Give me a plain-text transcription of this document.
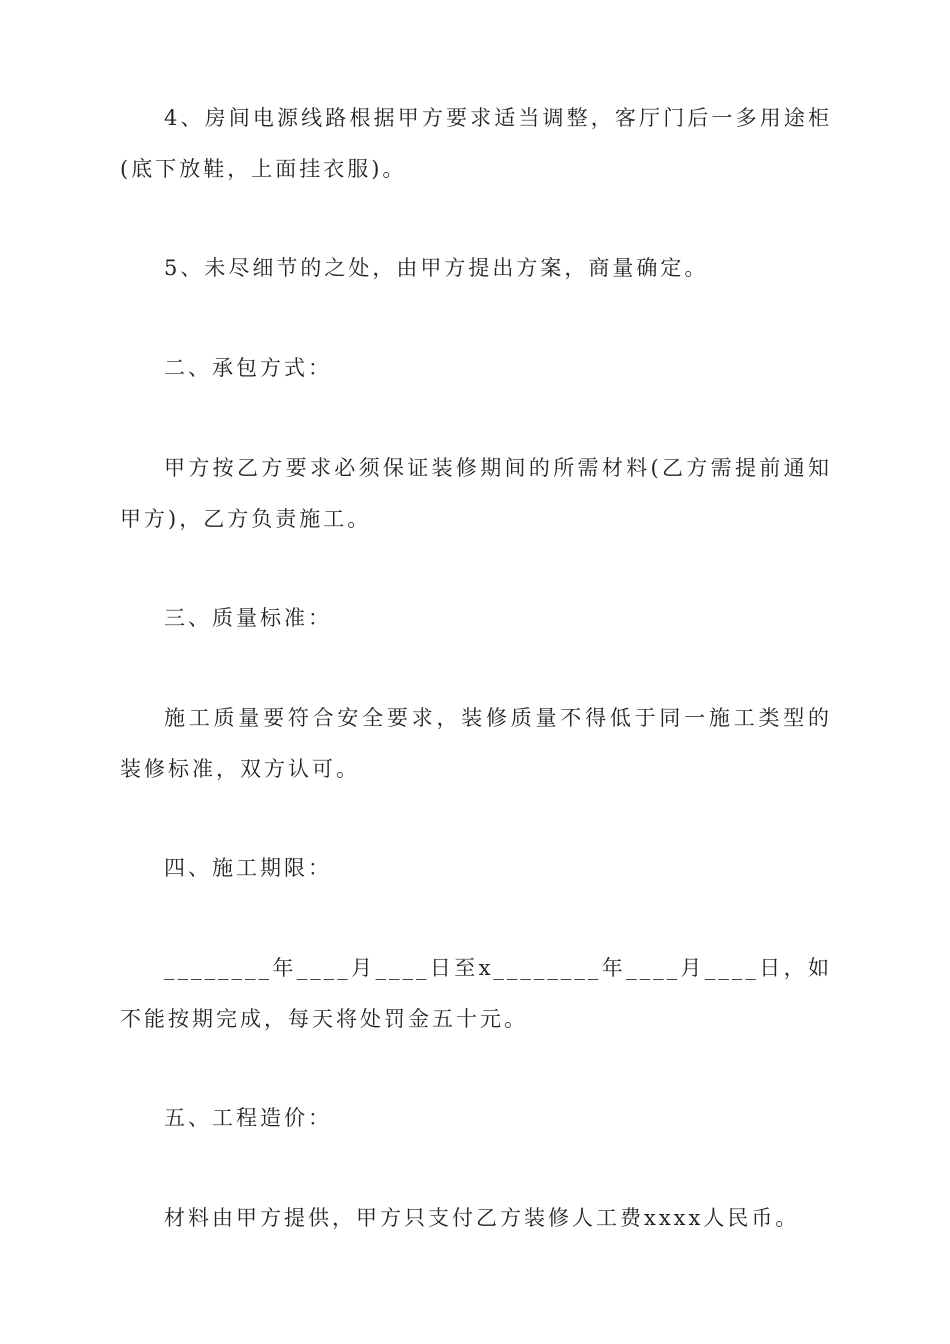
4、房间电源线路根据甲方要求适当调整，客厅门后一多用途柜(底下放鞋，上面挂衣服)。

5、未尽细节的之处，由甲方提出方案，商量确定。

二、承包方式：

甲方按乙方要求必须保证装修期间的所需材料(乙方需提前通知甲方)，乙方负责施工。

三、质量标准：

施工质量要符合安全要求，装修质量不得低于同一施工类型的装修标准，双方认可。

四、施工期限：

________年____月____日至x________年____月____日，如不能按期完成，每天将处罚金五十元。

五、工程造价：

材料由甲方提供，甲方只支付乙方装修人工费xxxx人民币。
